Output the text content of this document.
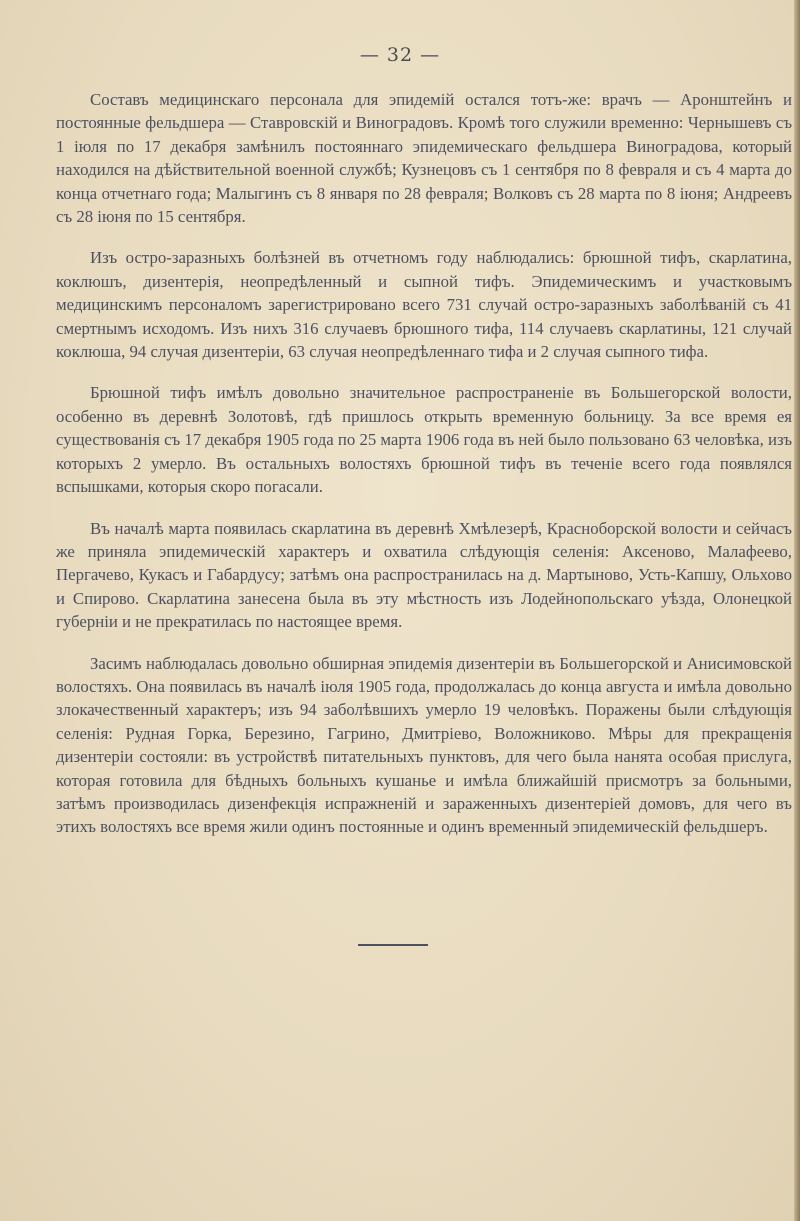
— 32 —

Составъ медицинскаго персонала для эпидемій остался тотъ-же: врачъ — Аронштейнъ и постоянные фельдшера — Ставровскій и Виноградовъ. Кромѣ того служили временно: Чернышевъ съ 1 іюля по 17 декабря замѣнилъ постояннаго эпидемическаго фельдшера Виноградова, который находился на дѣйствительной военной службѣ; Кузнецовъ съ 1 сентября по 8 февраля и съ 4 марта до конца отчетнаго года; Малыгинъ съ 8 января по 28 февраля; Волковъ съ 28 марта по 8 іюня; Андреевъ съ 28 іюня по 15 сентября.

Изъ остро-заразныхъ болѣзней въ отчетномъ году наблюдались: брюшной тифъ, скарлатина, коклюшъ, дизентерія, неопредѣленный и сыпной тифъ. Эпидемическимъ и участковымъ медицинскимъ персоналомъ зарегистрировано всего 731 случай остро-заразныхъ заболѣваній съ 41 смертнымъ исходомъ. Изъ нихъ 316 случаевъ брюшного тифа, 114 случаевъ скарлатины, 121 случай коклюша, 94 случая дизентеріи, 63 случая неопредѣленнаго тифа и 2 случая сыпного тифа.

Брюшной тифъ имѣлъ довольно значительное распространеніе въ Большегорской волости, особенно въ деревнѣ Золотовѣ, гдѣ пришлось открыть временную больницу. За все время ея существованія съ 17 декабря 1905 года по 25 марта 1906 года въ ней было пользовано 63 человѣка, изъ которыхъ 2 умерло. Въ остальныхъ волостяхъ брюшной тифъ въ теченіе всего года появлялся вспышками, которыя скоро погасали.

Въ началѣ марта появилась скарлатина въ деревнѣ Хмѣлезерѣ, Красноборской волости и сейчасъ же приняла эпидемическій характеръ и охватила слѣдующія селенія: Аксеново, Малафеево, Пергачево, Кукасъ и Габардусу; затѣмъ она распространилась на д. Мартыново, Усть-Капшу, Ольхово и Спирово. Скарлатина занесена была въ эту мѣстность изъ Лодейнопольскаго уѣзда, Олонецкой губерніи и не прекратилась по настоящее время.

Засимъ наблюдалась довольно обширная эпидемія дизентеріи въ Большегорской и Анисимовской волостяхъ. Она появилась въ началѣ іюля 1905 года, продолжалась до конца августа и имѣла довольно злокачественный характеръ; изъ 94 заболѣвшихъ умерло 19 человѣкъ. Поражены были слѣдующія селенія: Рудная Горка, Березино, Гагрино, Дмитріево, Воложниково. Мѣры для прекращенія дизентеріи состояли: въ устройствѣ питательныхъ пунктовъ, для чего была нанята особая прислуга, которая готовила для бѣдныхъ больныхъ кушанье и имѣла ближайшій присмотръ за больными, затѣмъ производилась дизенфекція испражненій и зараженныхъ дизентеріей домовъ, для чего въ этихъ волостяхъ все время жили одинъ постоянные и одинъ временный эпидемическій фельдшеръ.
